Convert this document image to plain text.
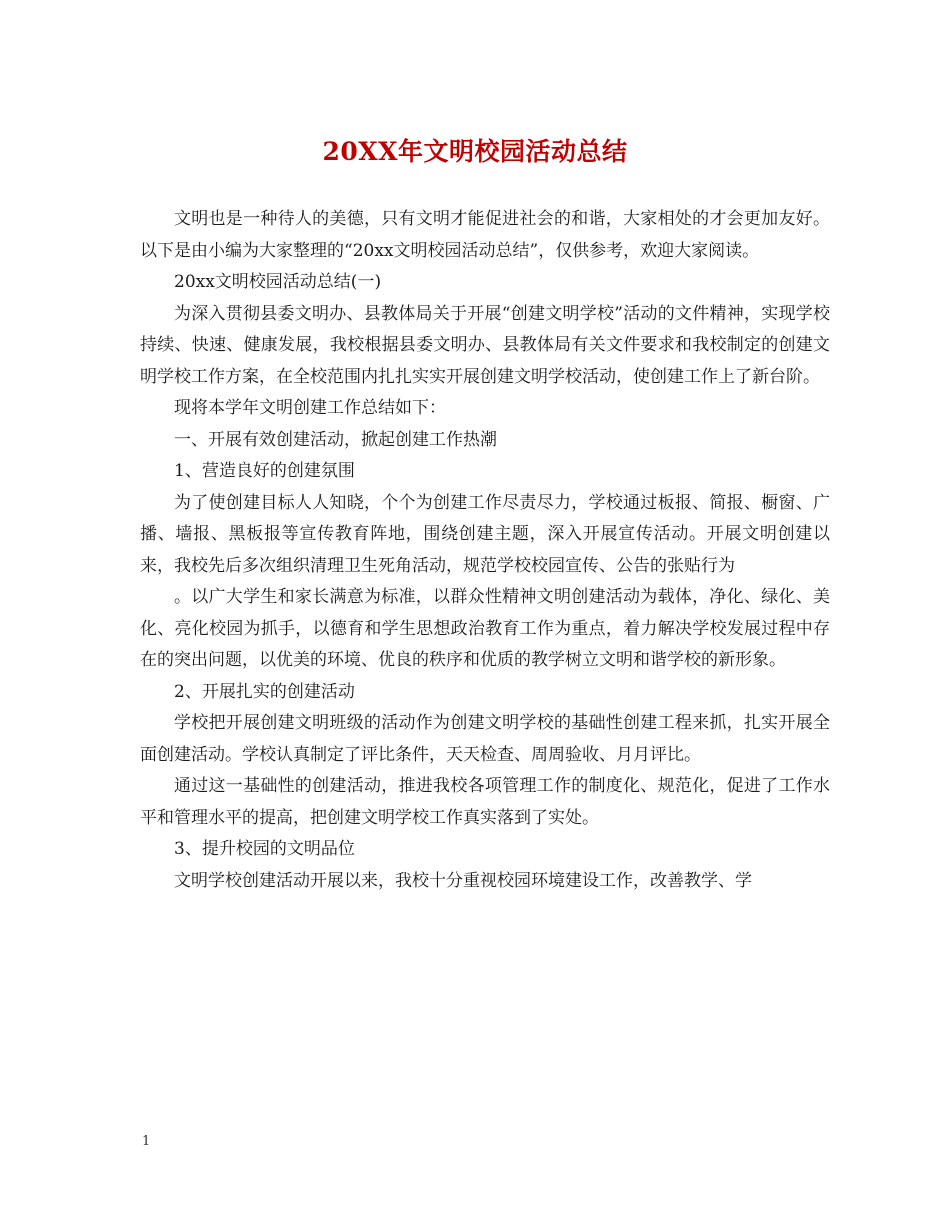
20XX年文明校园活动总结

文明也是一种待人的美德，只有文明才能促进社会的和谐，大家相处的才会更加友好。以下是由小编为大家整理的“20xx文明校园活动总结”，仅供参考，欢迎大家阅读。

20xx文明校园活动总结(一)

为深入贯彻县委文明办、县教体局关于开展“创建文明学校”活动的文件精神，实现学校持续、快速、健康发展，我校根据县委文明办、县教体局有关文件要求和我校制定的创建文明学校工作方案，在全校范围内扎扎实实开展创建文明学校活动，使创建工作上了新台阶。

现将本学年文明创建工作总结如下：

一、开展有效创建活动，掀起创建工作热潮

1、营造良好的创建氛围

为了使创建目标人人知晓，个个为创建工作尽责尽力，学校通过板报、简报、橱窗、广播、墙报、黑板报等宣传教育阵地，围绕创建主题，深入开展宣传活动。开展文明创建以来，我校先后多次组织清理卫生死角活动，规范学校校园宣传、公告的张贴行为

。以广大学生和家长满意为标准，以群众性精神文明创建活动为载体，净化、绿化、美化、亮化校园为抓手，以德育和学生思想政治教育工作为重点，着力解决学校发展过程中存在的突出问题，以优美的环境、优良的秩序和优质的教学树立文明和谐学校的新形象。

2、开展扎实的创建活动

学校把开展创建文明班级的活动作为创建文明学校的基础性创建工程来抓，扎实开展全面创建活动。学校认真制定了评比条件，天天检查、周周验收、月月评比。

通过这一基础性的创建活动，推进我校各项管理工作的制度化、规范化，促进了工作水平和管理水平的提高，把创建文明学校工作真实落到了实处。

3、提升校园的文明品位

文明学校创建活动开展以来，我校十分重视校园环境建设工作，改善教学、学

1
